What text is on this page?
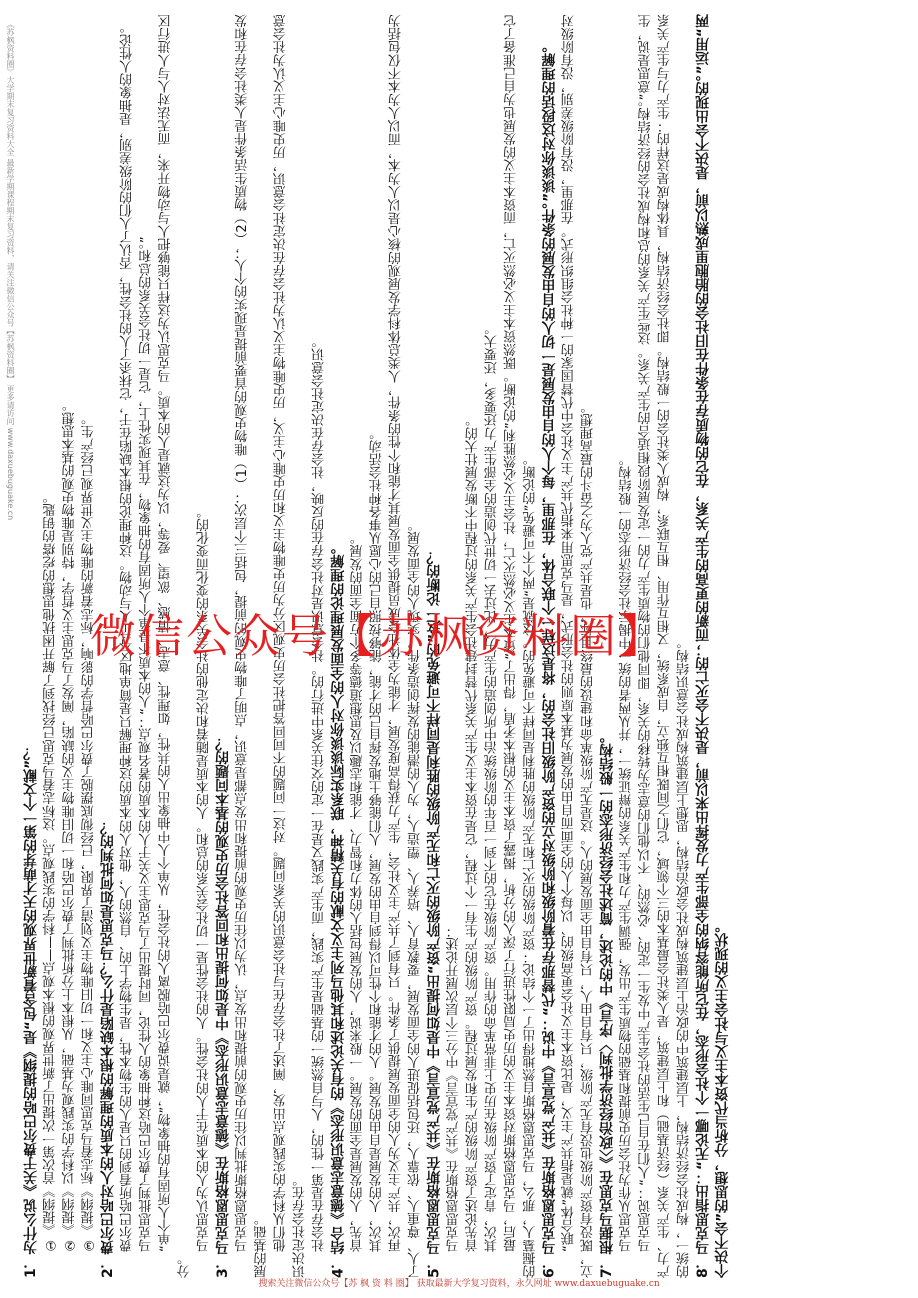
《苏枫资料圈》大学期末复习资料大全 最新学期课程期末复习资料，请关注微信公众号【苏枫资料圈】 更多请访问 www.daxuebuguake.cn

1．为什么说《关于费尔巴哈的提纲》是“包含着新世界观的天才萌芽的第一个文献”？ ①《提纲》首次第一次提出了新世界观的根本观点——科学的实践观点。这标志着马克思已经找到了解开困扰他思想的疙瘩的钥匙。 ②《提纲》以科学的实践观为基础，从根本上分析批判了费尔巴哈和一切旧唯物主义的缺陷，阐发了马克思主义哲学，特别是唯物史观的基本思想。 ③《提纲》标志着马克思同唯心主义和一切旧唯物主义划清了界限，已经彻底摆脱了费尔巴哈哲学的影响，标志着新的唯物主义世界观已经产生。 2．费尔巴哈对人的本质的理解的根本缺陷是什么？马克思是如何批判的？ 费尔巴哈所看到的只是人的生物本性，是生物学上的、自然的人，他对人的本质的这种理解只是简单地区分了人与动物。这种理论的根本缺陷在于，它抹杀了人的社会性，否认了人们的阶级差别，是抽象的人性论。 马克思批判了费尔巴哈这种抽象的人性论，同时提出了马克思主义关于人的本质的著名观点：“人的本质不是单个人所固有的抽象物，在其现实性上，它是一切社会关系的总和。” “单个人所固有的抽象物”，就是说费尔巴哈脱离人的社会性，从单个人中抽象出人的共性，如理性、意志、情感、欲望、爱等，以为这就是人的本质。马克思认为这样只能够把人与动物开来，而无法对人与人进行区分。

马克思认为人的本质在于人的社会性。人的社会性是一切社会关系的总和。人的本质是随着和决定他的社会关系的变化而变化的。 3．马克思恩格斯在《德意志意识形态》中是如何提出和回答社会历史观的基本问题的？ 马克思恩格斯批判以往历史观的前提和出发点，认为以往历史观的前提和出发点都是意识，点明了唯物史观的前提，包括三个层次：（1）唯物史观的首要前提是现实的个人；（2）物质生活条件是人类社会存在和发展的基础。 他们从科学的实践观点出发，阐述了社会存在与社会意识的关系问题。对这一问题的不同回答把社会历史观区分为历史唯物主义和历史唯心主义，历史唯物主义认为社会存在决定社会意识，历史唯心主义认为社会意识决定社会存在。 社会存在是第一性的，人与自然统一的基础是生产实践，而生产实践又是在一定的交往关系中进行的。社会意识是对社会存在的反映，社会存在决定社会意识。 4．结合《德意志意识形态》的有关论述和其他马列主义文献的有关精神，联系实际谈谈你对人的全面发展理论的理解。 首先，人的发展是全面的发展。一般来说，人的发展包括人的体力和智力、才能和志趣以及思想道德等多个方面全面的发展。 其次，人的发展是自由的发展。人的才能和个性可以得到自由的发展，人们能够土地发挥自己的才能，能够按照自己的心愿从事各种社会活动。 再次，共产主义为人的全面发展提供了条件。只有到了共产主义社会，生产力获得高度发展，才能为全体社会成员提供全面发展其才能和个性的条件，人类总体科学发展观的核心是以人为本，而以人为本不仅包括为了人、尊重人、依靠人，还包括促进人的全面发展，要教育人、培养人、塑造人，为人的潜能的发挥创造条件，实现人的全面发展。 5．马克思恩格斯在《共产党宣言》中是如何提出“资产阶级的灭亡和无产阶级的胜利是同样不可避免的”这一论断的？ 马克思恩格斯在《共产党宣言》中分三个层次展开论述： 首先论述了资产阶级的产生和发展过程。资产阶级的产生有一个过程，它是在资本主义生产关系代替封建社会生产关系的过程中不断发展壮大的。 其次，肯定了资产阶级在历史上非常革命的作用。资产阶级在它的不到一百年的阶级统治中所创造的生产力，比过去一切世代创造的全部生产力还要多，还要大。 最后，马克思恩格斯对资本主义的历史局限性进行了深入的分析，揭露了资本主义的根本矛盾，得出了“资本主义必然灭亡，社会主义必然胜利”的论断。既然资本主义必然灭亡，而资本主义的发展也为自己准备了它的掘墓人，那么，马克思恩格斯自然地得出了一个结论：资产阶级的灭亡和无产阶级的胜利是同样不可避免的。这就是“两个不可避免”的论断。 6．马克思恩格斯在《共产党宣言》中说：“代替那存在着阶级和阶级对立的资产阶级旧社会的，将是这样一个联合体，在那里，每个人的自由发展是一切人的自由发展的条件。”谈谈你对这段话的理解。 “联合体”就是指共产主义，是比资本主义社会更高级的、以每个人的全面而自由的发展为基本原则的社会形式，是马克思用来指代共产主义社会中代替国家的一种社会组织形式。在那里，没有阶级差别，没有阶级对立，既没有资产阶级也没有无产阶级，只有自由人，只有自由全面发展的人。这是无产阶级革命和建设的最终目标，也是共产党人为之奋斗的最高理想。 7．根据马克思在《〈政治经济学批判〉序言》中的论述，简述社会经济形态的一般结构。 马克思从作为社会历史前提和基础的物质生产出发，强调生产力和生产关系的辩证统一，并从两者的统一中揭示社会经济形态的一般结构。 马克思说：“人们在自己生活的社会生产中发生一定的、必然的、不以他们的意志为转移的关系，即同他们的物质生产力的一定发展阶段相适合的生产关系。这些生产关系的总和构成社会的经济结构。”意思是说，生产力、生产关系（经济基础）和上层建筑，是人类社会最基本的三个领域，它们之间既相互独立，自成系统，又相互作用、相互联系，构成人类社会的一般结构。即社会经济结构，具体构成是这样的：生产力与生产关系的统一，构成社会经济结构，上层建筑中的政治上层建筑构成社会政治结构，思想上层建筑构成社会意识结构。 8．马克思指出：“无论哪一个社会形态，在它所能容纳的全部生产力发挥出来以前，是决不会灭亡的；而新的更高的生产关系，在它的物质存在条件在旧社会的胎胞里成熟以前，是决不会出现的。”运用“两个决不会”的思想，分析当代资本主义与社会主义的现状。

微信公众号【苏枫资料圈】
搜索关注微信公众号【苏 枫 资 料 圈】 获取最新大学复习资料，永久网址 www.daxuebuguake.cn
